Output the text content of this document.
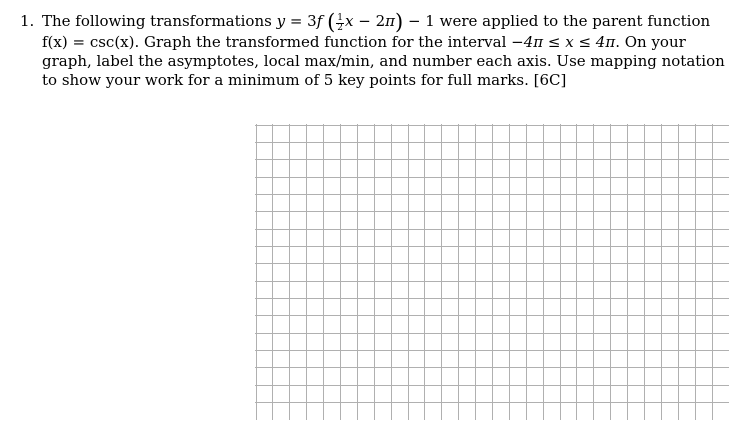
1. The following transformations y = 3f ( $\frac{1}{2}$ x − 2π) − 1 were applied to the parent function f(x) = csc(x). Graph the transformed function for the interval −4π ≤ x ≤ 4π. On your graph, label the asymptotes, local max/min, and number each axis. Use mapping notation to show your work for a minimum of 5 key points for full marks. [6C]
